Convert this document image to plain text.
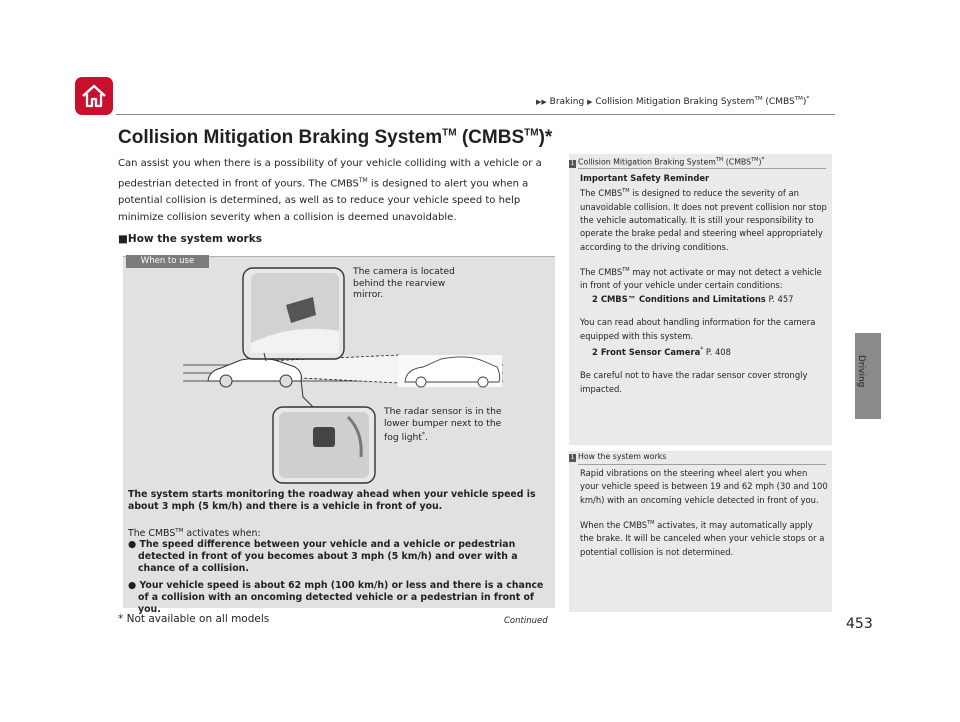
▶▶ Braking ▶ Collision Mitigation Braking System™ (CMBS™)*
Driving
Collision Mitigation Braking System™ (CMBS™)*
Can assist you when there is a possibility of your vehicle colliding with a vehicle or a pedestrian detected in front of yours. The CMBS™ is designed to alert you when a potential collision is determined, as well as to reduce your vehicle speed to help minimize collision severity when a collision is deemed unavoidable.
■How the system works
When to use
The camera is located behind the rearview mirror.
The radar sensor is in the lower bumper next to the fog light*.
The system starts monitoring the roadway ahead when your vehicle speed is about 3 mph (5 km/h) and there is a vehicle in front of you.
The CMBS™ activates when:
● The speed difference between your vehicle and a vehicle or pedestrian detected in front of you becomes about 3 mph (5 km/h) and over with a chance of a collision.
● Your vehicle speed is about 62 mph (100 km/h) or less and there is a chance of a collision with an oncoming detected vehicle or a pedestrian in front of you.
1 Collision Mitigation Braking System™ (CMBS™)*
Important Safety Reminder
The CMBS™ is designed to reduce the severity of an unavoidable collision. It does not prevent collision nor stop the vehicle automatically. It is still your responsibility to operate the brake pedal and steering wheel appropriately according to the driving conditions.
The CMBS™ may not activate or may not detect a vehicle in front of your vehicle under certain conditions:
2 CMBS™ Conditions and Limitations P. 457
You can read about handling information for the camera equipped with this system.
2 Front Sensor Camera* P. 408
Be careful not to have the radar sensor cover strongly impacted.
1 How the system works
Rapid vibrations on the steering wheel alert you when your vehicle speed is between 19 and 62 mph (30 and 100 km/h) with an oncoming vehicle detected in front of you.
When the CMBS™ activates, it may automatically apply the brake. It will be canceled when your vehicle stops or a potential collision is not determined.
* Not available on all models	Continued	453
